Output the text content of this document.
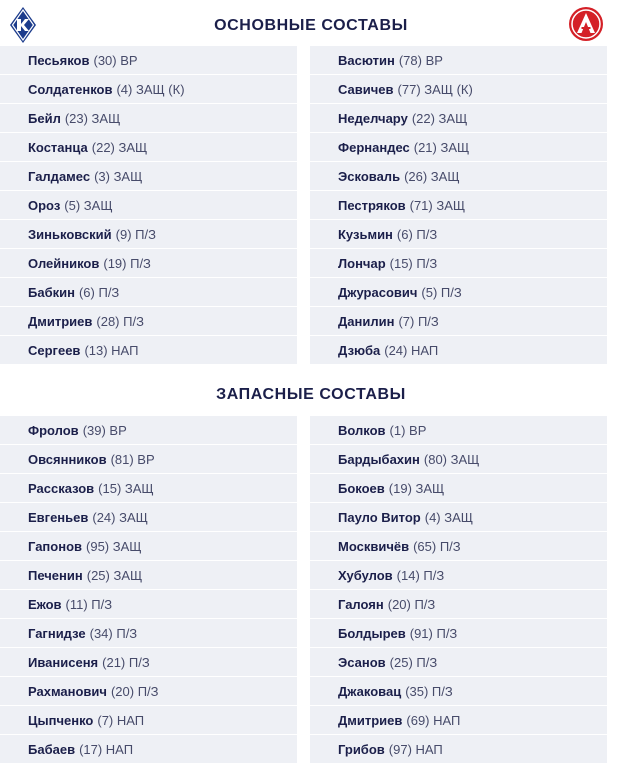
ОСНОВНЫЕ СОСТАВЫ
Песьяков (30) ВР
Солдатенков (4) ЗАЩ (К)
Бейл (23) ЗАЩ
Костанца (22) ЗАЩ
Галдамес (3) ЗАЩ
Ороз (5) ЗАЩ
Зиньковский (9) П/З
Олейников (19) П/З
Бабкин (6) П/З
Дмитриев (28) П/З
Сергеев (13) НАП
Васютин (78) ВР
Савичев (77) ЗАЩ (К)
Неделчару (22) ЗАЩ
Фернандес (21) ЗАЩ
Эсковаль (26) ЗАЩ
Пестряков (71) ЗАЩ
Кузьмин (6) П/З
Лончар (15) П/З
Джурасович (5) П/З
Данилин (7) П/З
Дзюба (24) НАП
ЗАПАСНЫЕ СОСТАВЫ
Фролов (39) ВР
Овсянников (81) ВР
Рассказов (15) ЗАЩ
Евгеньев (24) ЗАЩ
Гапонов (95) ЗАЩ
Печенин (25) ЗАЩ
Ежов (11) П/З
Гагнидзе (34) П/З
Иванисеня (21) П/З
Рахманович (20) П/З
Цыпченко (7) НАП
Бабаев (17) НАП
Волков (1) ВР
Бардыбахин (80) ЗАЩ
Бокоев (19) ЗАЩ
Пауло Витор (4) ЗАЩ
Москвичёв (65) П/З
Хубулов (14) П/З
Галоян (20) П/З
Болдырев (91) П/З
Эсанов (25) П/З
Джаковац (35) П/З
Дмитриев (69) НАП
Грибов (97) НАП
